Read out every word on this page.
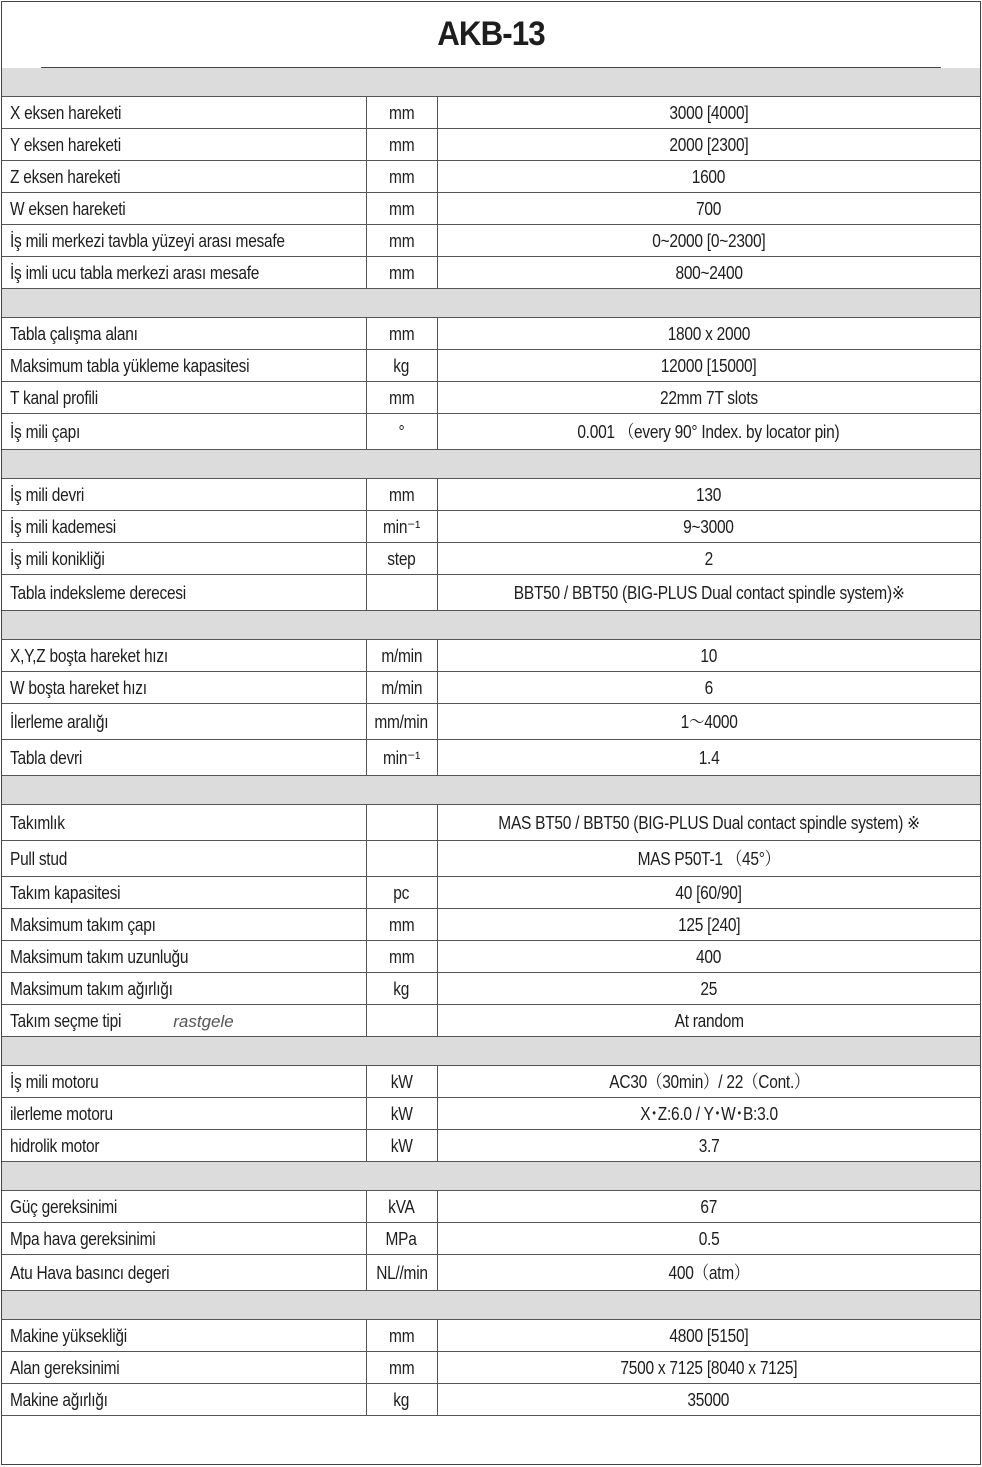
AKB-13

X eksen hareketi	mm	3000 [4000]
Y eksen hareketi	mm	2000 [2300]
Z eksen hareketi	mm	1600
W eksen hareketi	mm	700
İş mili merkezi tavbla yüzeyi arası mesafe	mm	0~2000 [0~2300]
İş imli ucu tabla merkezi arası mesafe	mm	800~2400

Tabla çalışma alanı	mm	1800 x 2000
Maksimum tabla yükleme kapasitesi	kg	12000 [15000]
T kanal profili	mm	22mm 7T slots
İş mili çapı	°	0.001 （every 90° Index. by locator pin)

İş mili devri	mm	130
İş mili kademesi	min⁻¹	9~3000
İş mili konikliği	step	2
Tabla indeksleme derecesi		BBT50 / BBT50 (BIG-PLUS Dual contact spindle system)※

X,Y,Z boşta hareket hızı	m/min	10
W boşta hareket hızı	m/min	6
İlerleme aralığı	mm/min	1～4000
Tabla devri	min⁻¹	1.4

Takımlık		MAS BT50 / BBT50 (BIG-PLUS Dual contact spindle system) ※
Pull stud		MAS P50T-1 （45°）
Takım kapasitesi	pc	40 [60/90]
Maksimum takım çapı	mm	125 [240]
Maksimum takım uzunluğu	mm	400
Maksimum takım ağırlığı	kg	25
Takım seçme tipi rastgele		At random

İş mili motoru	kW	AC30（30min）/ 22（Cont.）
ilerleme motoru	kW	X･Z:6.0 / Y･W･B:3.0
hidrolik motor	kW	3.7

Güç gereksinimi	kVA	67
Mpa hava gereksinimi	MPa	0.5
Atu Hava basıncı degeri	NL//min	400（atm）

Makine yüksekliği	mm	4800 [5150]
Alan gereksinimi	mm	7500 x 7125 [8040 x 7125]
Makine ağırlığı	kg	35000
